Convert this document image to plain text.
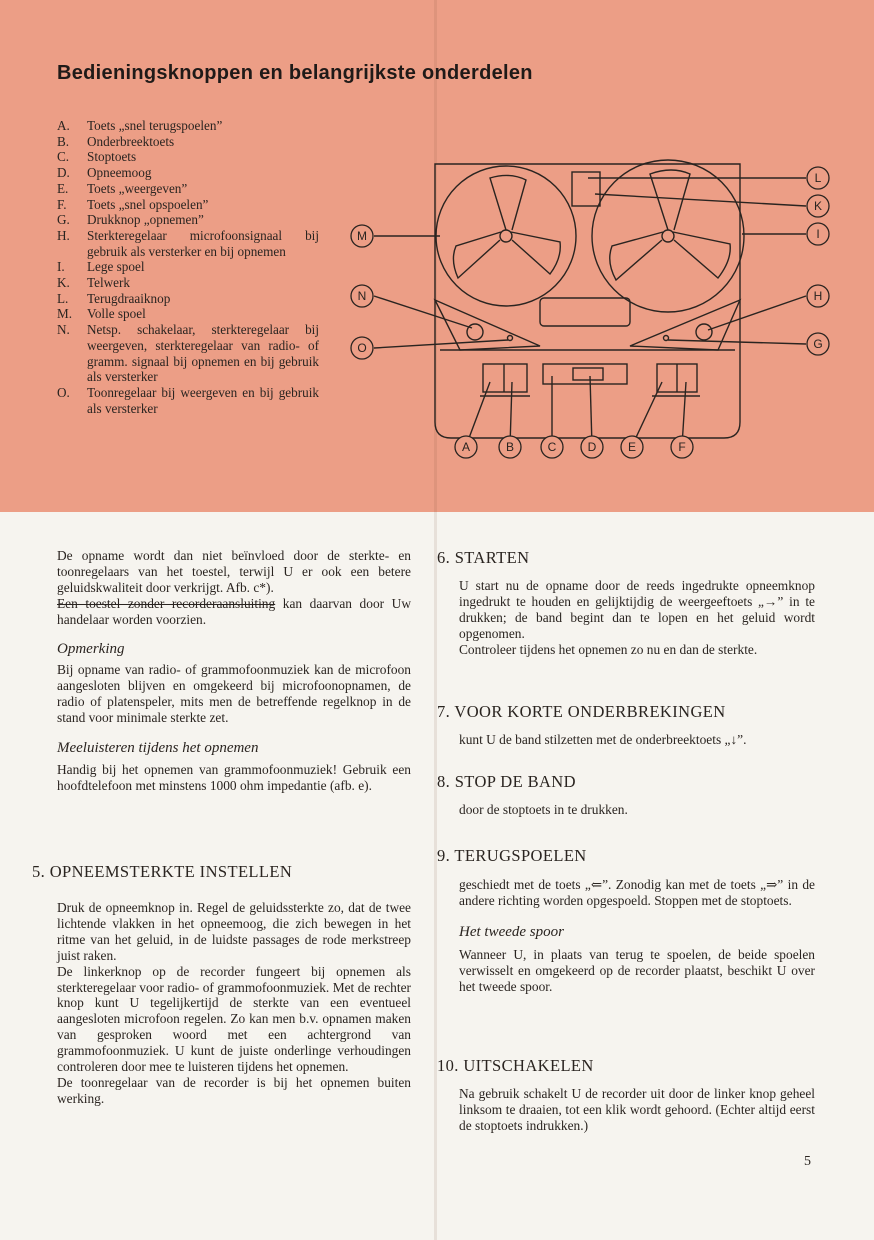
Bedieningsknoppen en belangrijkste onderdelen
A.	Toets „snel terugspoelen”
B.	Onderbreektoets
C.	Stoptoets
D.	Opneemoog
E.	Toets „weergeven”
F.	Toets „snel opspoelen”
G.	Drukknop „opnemen”
H.	Sterkteregelaar microfoonsignaal bij gebruik als versterker en bij opnemen
I.	Lege spoel
K.	Telwerk
L.	Terugdraaiknop
M.	Volle spoel
N.	Netsp. schakelaar, sterkteregelaar bij weergeven, sterkteregelaar van radio- of gramm. signaal bij opnemen en bij gebruik als versterker
O.	Toonregelaar bij weergeven en bij gebruik als versterker
L
K
I
H
G
M
N
O
A	B	C	D	E	F

De opname wordt dan niet beïnvloed door de sterkte- en toonregelaars van het toestel, terwijl U er ook een betere geluidskwaliteit door verkrijgt. Afb. c*).

Een toestel zonder recorderaansluiting kan daarvan door Uw handelaar worden voorzien.

Opmerking

Bij opname van radio- of grammofoonmuziek kan de microfoon aangesloten blijven en omgekeerd bij microfoonopnamen, de radio of platenspeler, mits men de betreffende regelknop in de stand voor minimale sterkte zet.

Meeluisteren tijdens het opnemen

Handig bij het opnemen van grammofoonmuziek! Gebruik een hoofdtelefoon met minstens 1000 ohm impedantie (afb. e).

5. OPNEEMSTERKTE INSTELLEN

Druk de opneemknop in. Regel de geluidssterkte zo, dat de twee lichtende vlakken in het opneemoog, die zich bewegen in het ritme van het geluid, in de luidste passages de rode merkstreep juist raken.

De linkerknop op de recorder fungeert bij opnemen als sterkteregelaar voor radio- of grammofoonmuziek. Met de rechter knop kunt U tegelijkertijd de sterkte van een eventueel aangesloten microfoon regelen. Zo kan men b.v. opnamen maken van gesproken woord met een achtergrond van grammofoonmuziek. U kunt de juiste onderlinge verhoudingen controleren door mee te luisteren tijdens het opnemen.

De toonregelaar van de recorder is bij het opnemen buiten werking.

6. STARTEN

U start nu de opname door de reeds ingedrukte opneemknop ingedrukt te houden en gelijktijdig de weergeeftoets „→” in te drukken; de band begint dan te lopen en het geluid wordt opgenomen.

Controleer tijdens het opnemen zo nu en dan de sterkte.

7. VOOR KORTE ONDERBREKINGEN

kunt U de band stilzetten met de onderbreektoets „↓”.

8. STOP DE BAND

door de stoptoets in te drukken.

9. TERUGSPOELEN

geschiedt met de toets „⇐”. Zonodig kan met de toets „⇒” in de andere richting worden opgespoeld. Stoppen met de stoptoets.

Het tweede spoor

Wanneer U, in plaats van terug te spoelen, de beide spoelen verwisselt en omgekeerd op de recorder plaatst, beschikt U over het tweede spoor.

10. UITSCHAKELEN

Na gebruik schakelt U de recorder uit door de linker knop geheel linksom te draaien, tot een klik wordt gehoord. (Echter altijd eerst de stoptoets indrukken.)

5
